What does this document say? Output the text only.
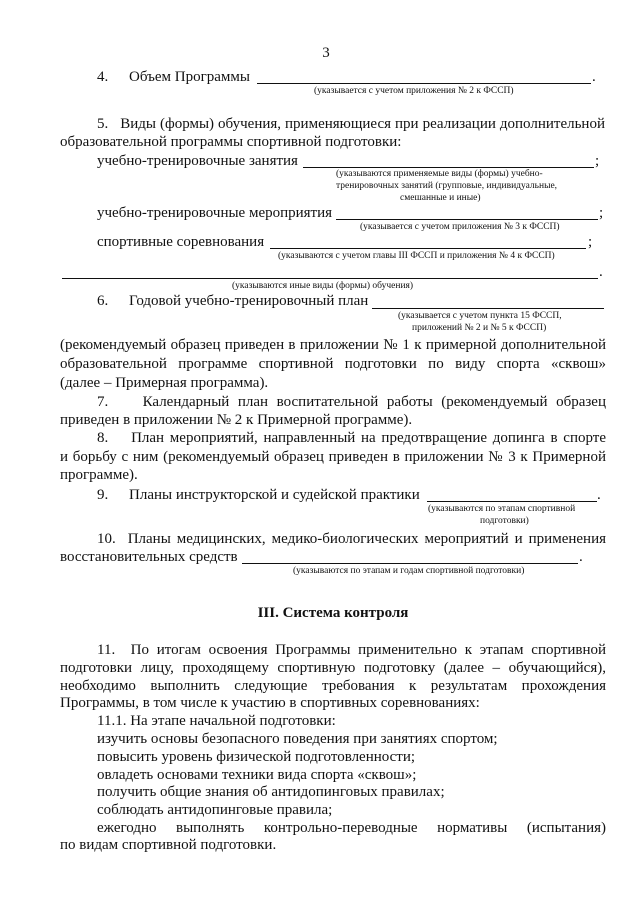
3
4. Объем Программы	.
(указывается с учетом приложения № 2 к ФССП)
5.   Виды (формы) обучения, применяющиеся при реализации дополнительной
образовательной программы спортивной подготовки:
учебно-тренировочные занятия	;
(указываются применяемые виды (формы) учебно-
тренировочных занятий (групповые, индивидуальные,
смешанные и иные)
учебно-тренировочные мероприятия	;
(указывается с учетом приложения № 3 к ФССП)
спортивные соревнования	;
(указываются с учетом главы III ФССП и приложения № 4 к ФССП)
.
(указываются иные виды (формы) обучения)
6. Годовой учебно-тренировочный план
(указывается с учетом пункта 15 ФССП,
приложений № 2 и № 5 к ФССП)
(рекомендуемый образец приведен в приложении № 1 к примерной дополнительной
образовательной программе спортивной подготовки по виду спорта «сквош»
(далее – Примерная программа).
7.    Календарный план воспитательной работы (рекомендуемый образец
приведен в приложении № 2 к Примерной программе).
8.    План мероприятий, направленный на предотвращение допинга в спорте
и борьбу с ним (рекомендуемый образец приведен в приложении № 3 к Примерной
программе).
9. Планы инструкторской и судейской практики	.
(указываются по этапам спортивной
подготовки)
10.  Планы медицинских, медико-биологических мероприятий и применения
восстановительных средств	.
(указываются по этапам и годам спортивной подготовки)
III. Система контроля
11.  По итогам освоения Программы применительно к этапам спортивной
подготовки лицу, проходящему спортивную подготовку (далее – обучающийся),
необходимо выполнить следующие требования к результатам прохождения
Программы, в том числе к участию в спортивных соревнованиях:
11.1. На этапе начальной подготовки:
изучить основы безопасного поведения при занятиях спортом;
повысить уровень физической подготовленности;
овладеть основами техники вида спорта «сквош»;
получить общие знания об антидопинговых правилах;
соблюдать антидопинговые правила;
ежегодно выполнять контрольно-переводные нормативы (испытания)
по видам спортивной подготовки.
